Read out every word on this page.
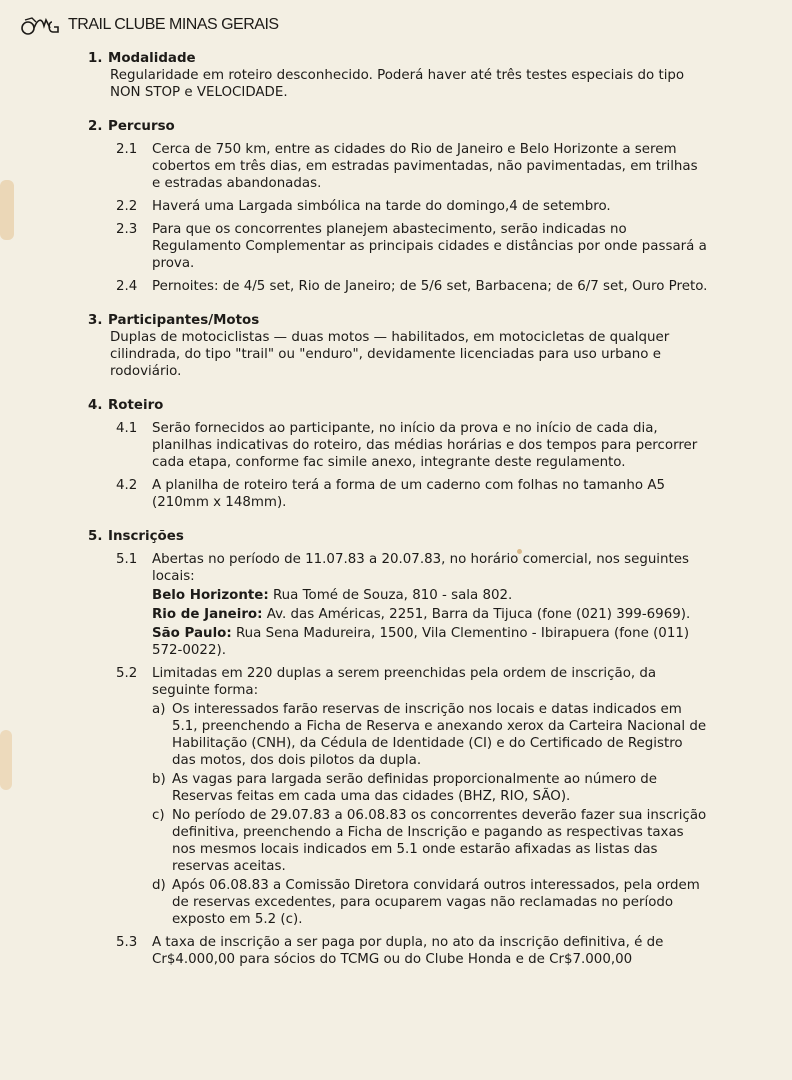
TRAIL CLUBE MINAS GERAIS
1. Modalidade
Regularidade em roteiro desconhecido. Poderá haver até três testes especiais do tipo NON STOP e VELOCIDADE.
2. Percurso
2.1	Cerca de 750 km, entre as cidades do Rio de Janeiro e Belo Horizonte a serem cobertos em três dias, em estradas pavimentadas, não pavimentadas, em trilhas e estradas abandonadas.
2.2	Haverá uma Largada simbólica na tarde do domingo,4 de setembro.
2.3	Para que os concorrentes planejem abastecimento, serão indicadas no Regulamento Complementar as principais cidades e distâncias por onde passará a prova.
2.4	Pernoites: de 4/5 set, Rio de Janeiro; de 5/6 set, Barbacena; de 6/7 set, Ouro Preto.
3. Participantes/Motos
Duplas de motociclistas — duas motos — habilitados, em motocicletas de qualquer cilindrada, do tipo "trail" ou "enduro", devidamente licenciadas para uso urbano e rodoviário.
4. Roteiro
4.1	Serão fornecidos ao participante, no início da prova e no início de cada dia, planilhas indicativas do roteiro, das médias horárias e dos tempos para percorrer cada etapa, conforme fac simile anexo, integrante deste regulamento.
4.2	A planilha de roteiro terá a forma de um caderno com folhas no tamanho A5 (210mm x 148mm).
5. Inscrições
5.1	Abertas no período de 11.07.83 a 20.07.83, no horário comercial, nos seguintes locais:
Belo Horizonte: Rua Tomé de Souza, 810 - sala 802.
Rio de Janeiro: Av. das Américas, 2251, Barra da Tijuca (fone (021) 399-6969).
São Paulo: Rua Sena Madureira, 1500, Vila Clementino - Ibirapuera (fone (011) 572-0022).
5.2	Limitadas em 220 duplas a serem preenchidas pela ordem de inscrição, da seguinte forma:
a) Os interessados farão reservas de inscrição nos locais e datas indicados em 5.1, preenchendo a Ficha de Reserva e anexando xerox da Carteira Nacional de Habilitação (CNH), da Cédula de Identidade (CI) e do Certificado de Registro das motos, dos dois pilotos da dupla.
b) As vagas para largada serão definidas proporcionalmente ao número de Reservas feitas em cada uma das cidades (BHZ, RIO, SÃO).
c) No período de 29.07.83 a 06.08.83 os concorrentes deverão fazer sua inscrição definitiva, preenchendo a Ficha de Inscrição e pagando as respectivas taxas nos mesmos locais indicados em 5.1 onde estarão afixadas as listas das reservas aceitas.
d) Após 06.08.83 a Comissão Diretora convidará outros interessados, pela ordem de reservas excedentes, para ocuparem vagas não reclamadas no período exposto em 5.2 (c).
5.3	A taxa de inscrição a ser paga por dupla, no ato da inscrição definitiva, é de Cr$4.000,00 para sócios do TCMG ou do Clube Honda e de Cr$7.000,00
